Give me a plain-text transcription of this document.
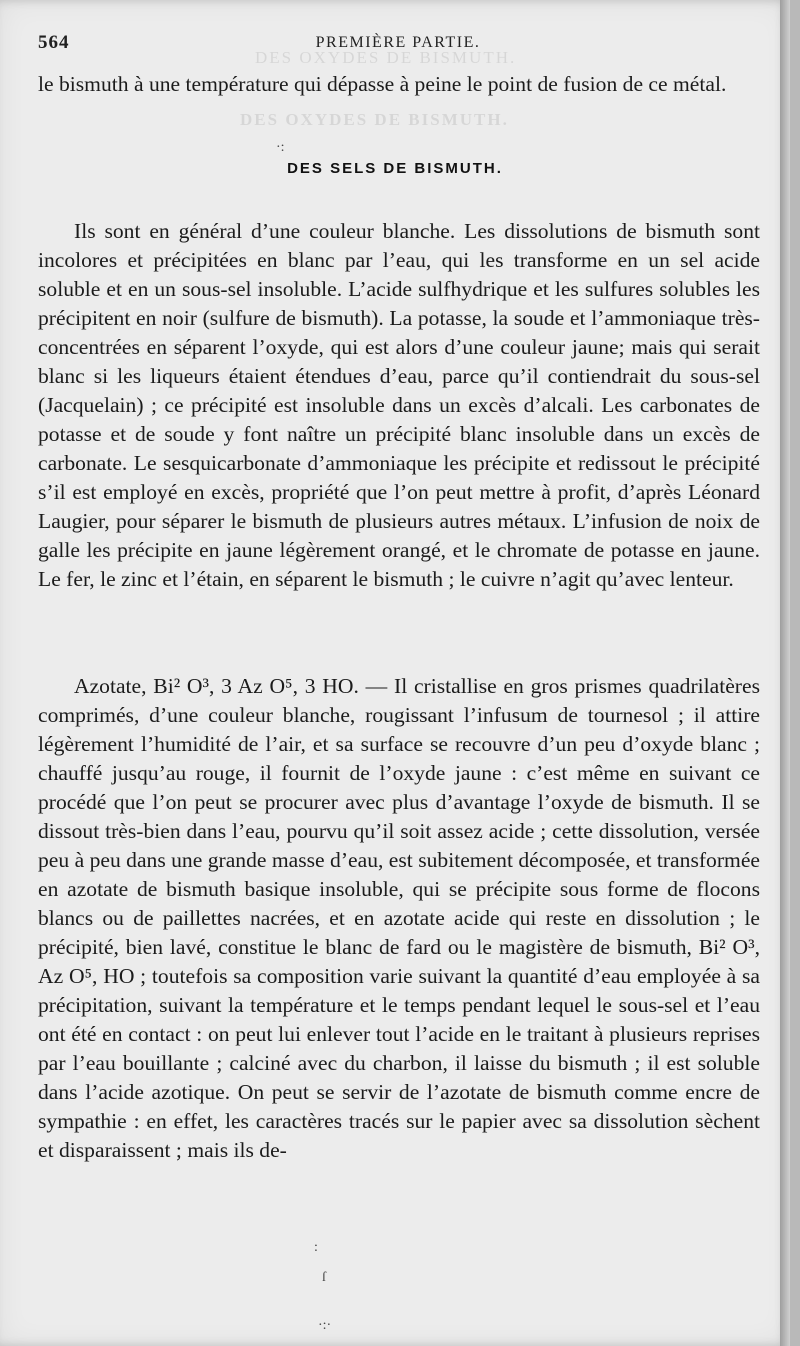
DES OXYDES DE BISMUTH.
DES OXYDES DE BISMUTH.
564	PREMIÈRE PARTIE.
le bismuth à une température qui dépasse à peine le point de fusion de ce métal.
DES SELS DE BISMUTH.
Ils sont en général d’une couleur blanche. Les dissolutions de bismuth sont incolores et précipitées en blanc par l’eau, qui les transforme en un sel acide soluble et en un sous-sel insoluble. L’acide sulfhydrique et les sulfures solubles les précipitent en noir (sulfure de bismuth). La potasse, la soude et l’ammoniaque très-concentrées en séparent l’oxyde, qui est alors d’une couleur jaune; mais qui serait blanc si les liqueurs étaient étendues d’eau, parce qu’il contiendrait du sous-sel (Jacquelain) ; ce précipité est insoluble dans un excès d’alcali. Les carbonates de potasse et de soude y font naître un précipité blanc insoluble dans un excès de carbonate. Le sesquicarbonate d’ammoniaque les précipite et redissout le précipité s’il est employé en excès, propriété que l’on peut mettre à profit, d’après Léonard Laugier, pour séparer le bismuth de plusieurs autres métaux. L’infusion de noix de galle les précipite en jaune légèrement orangé, et le chromate de potasse en jaune. Le fer, le zinc et l’étain, en séparent le bismuth ; le cuivre n’agit qu’avec lenteur.
Azotate, Bi² O³, 3 Az O⁵, 3 HO. — Il cristallise en gros prismes quadrilatères comprimés, d’une couleur blanche, rougissant l’infusum de tournesol ; il attire légèrement l’humidité de l’air, et sa surface se recouvre d’un peu d’oxyde blanc ; chauffé jusqu’au rouge, il fournit de l’oxyde jaune : c’est même en suivant ce procédé que l’on peut se procurer avec plus d’avantage l’oxyde de bismuth. Il se dissout très-bien dans l’eau, pourvu qu’il soit assez acide ; cette dissolution, versée peu à peu dans une grande masse d’eau, est subitement décomposée, et transformée en azotate de bismuth basique insoluble, qui se précipite sous forme de flocons blancs ou de paillettes nacrées, et en azotate acide qui reste en dissolution ; le précipité, bien lavé, constitue le blanc de fard ou le magistère de bismuth, Bi² O³, Az O⁵, HO ; toutefois sa composition varie suivant la quantité d’eau employée à sa précipitation, suivant la température et le temps pendant lequel le sous-sel et l’eau ont été en contact : on peut lui enlever tout l’acide en le traitant à plusieurs reprises par l’eau bouillante ; calciné avec du charbon, il laisse du bismuth ; il est soluble dans l’acide azotique. On peut se servir de l’azotate de bismuth comme encre de sympathie : en effet, les caractères tracés sur le papier avec sa dissolution sèchent et disparaissent ; mais ils de-
·:
:
ſ
·:·
